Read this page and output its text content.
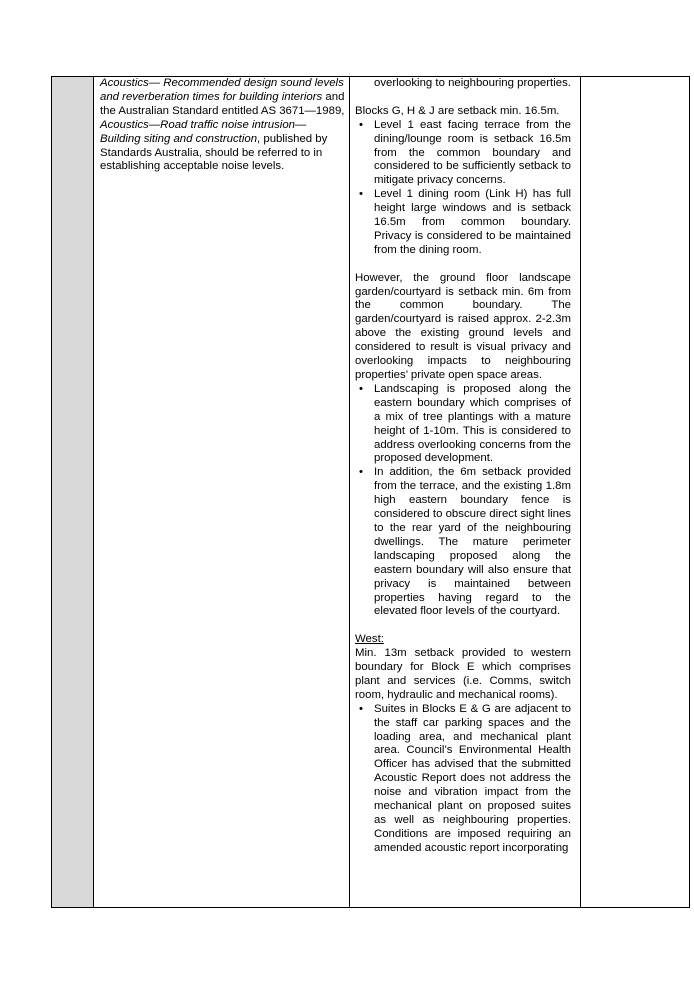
Acoustics— Recommended design sound levels and reverberation times for building interiors and the Australian Standard entitled AS 3671—1989, Acoustics—Road traffic noise intrusion— Building siting and construction, published by Standards Australia, should be referred to in establishing acceptable noise levels.

overlooking to neighbouring properties.

Blocks G, H & J are setback min. 16.5m.

• Level 1 east facing terrace from the dining/lounge room is setback 16.5m from the common boundary and considered to be sufficiently setback to mitigate privacy concerns.
• Level 1 dining room (Link H) has full height large windows and is setback 16.5m from common boundary. Privacy is considered to be maintained from the dining room.

However, the ground floor landscape garden/courtyard is setback min. 6m from the common boundary. The garden/courtyard is raised approx. 2-2.3m above the existing ground levels and considered to result is visual privacy and overlooking impacts to neighbouring properties’ private open space areas.

• Landscaping is proposed along the eastern boundary which comprises of a mix of tree plantings with a mature height of 1-10m. This is considered to address overlooking concerns from the proposed development.
• In addition, the 6m setback provided from the terrace, and the existing 1.8m high eastern boundary fence is considered to obscure direct sight lines to the rear yard of the neighbouring dwellings. The mature perimeter landscaping proposed along the eastern boundary will also ensure that privacy is maintained between properties having regard to the elevated floor levels of the courtyard.

West:

Min. 13m setback provided to western boundary for Block E which comprises plant and services (i.e. Comms, switch room, hydraulic and mechanical rooms).

• Suites in Blocks E & G are adjacent to the staff car parking spaces and the loading area, and mechanical plant area. Council’s Environmental Health Officer has advised that the submitted Acoustic Report does not address the noise and vibration impact from the mechanical plant on proposed suites as well as neighbouring properties. Conditions are imposed requiring an amended acoustic report incorporating
